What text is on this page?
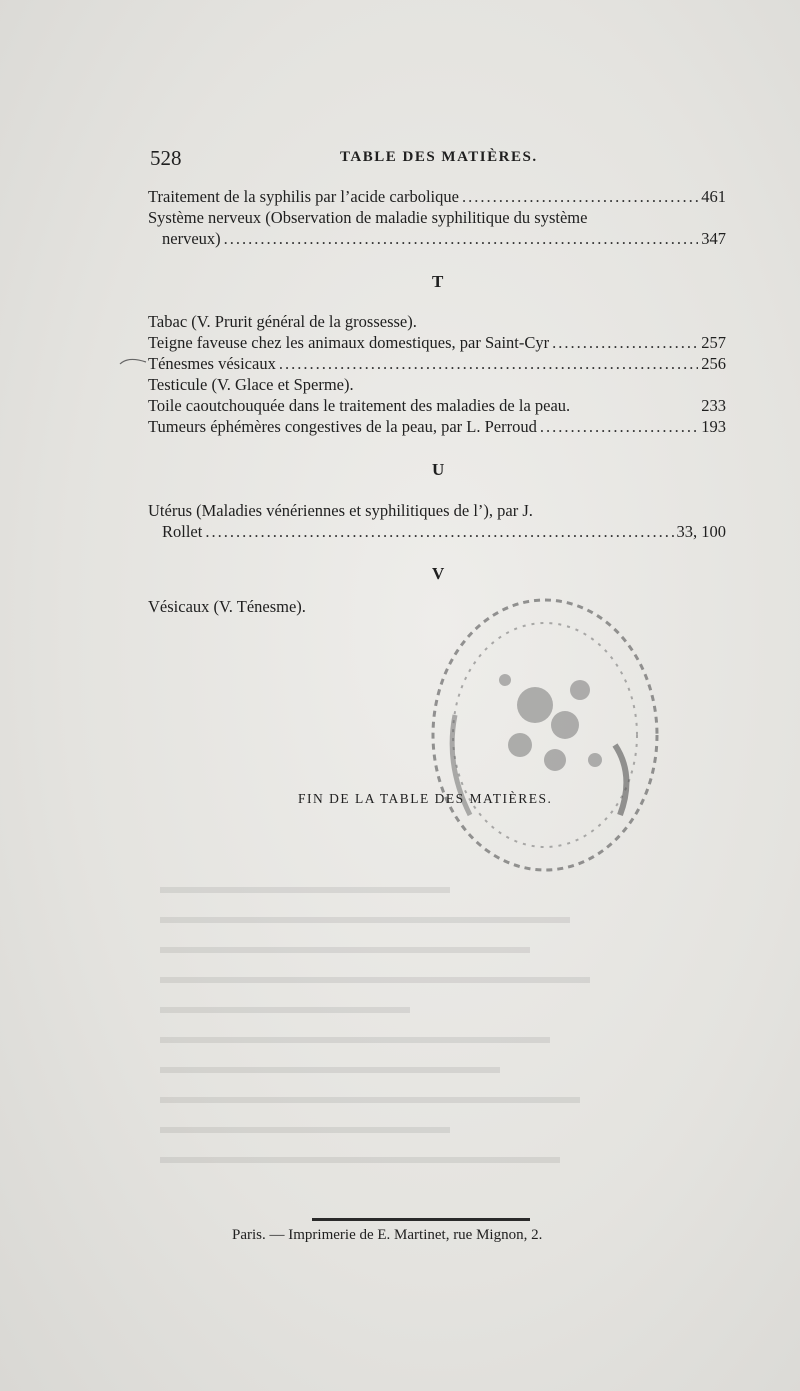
528	TABLE DES MATIÈRES.
Traitement de la syphilis par l’acide carbolique .....	461
Système nerveux (Observation de maladie syphilitique du système
nerveux) .....	347
T
Tabac (V. Prurit général de la grossesse).
Teigne faveuse chez les animaux domestiques, par Saint-Cyr .....	257
Ténesmes vésicaux .....	256
Testicule (V. Glace et Sperme).
Toile caoutchouquée dans le traitement des maladies de la peau.	233
Tumeurs éphémères congestives de la peau, par L. Perroud .....	193
U
Utérus (Maladies vénériennes et syphilitiques de l’), par J.
Rollet .....	33, 100
V
Vésicaux (V. Ténesme).
FIN DE LA TABLE DES MATIÈRES.
Paris. — Imprimerie de E. Martinet, rue Mignon, 2.
